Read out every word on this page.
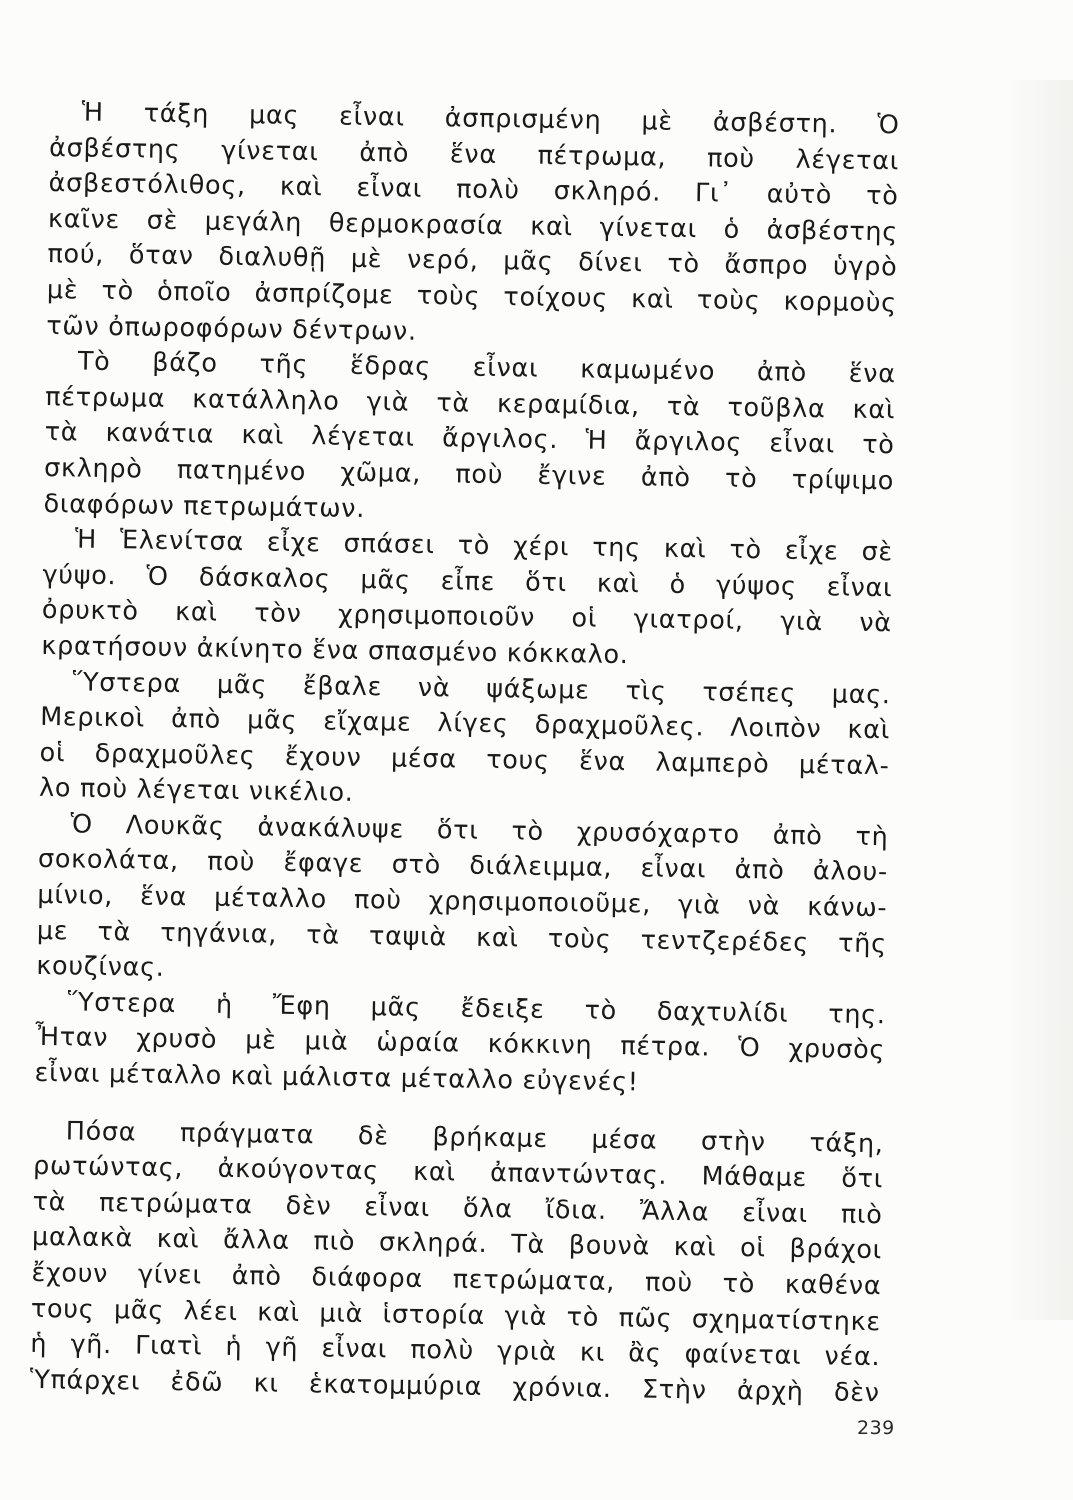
Ἡ τάξη μας εἶναι ἀσπρισμένη μὲ ἀσβέστη. Ὁ
ἀσβέστης γίνεται ἀπὸ ἕνα πέτρωμα, ποὺ λέγεται
ἀσβεστόλιθος, καὶ εἶναι πολὺ σκληρό. Γι᾽ αὐτὸ τὸ
καῖνε σὲ μεγάλη θερμοκρασία καὶ γίνεται ὁ ἀσβέστης
πού, ὅταν διαλυθῇ μὲ νερό, μᾶς δίνει τὸ ἄσπρο ὑγρὸ
μὲ τὸ ὁποῖο ἀσπρίζομε τοὺς τοίχους καὶ τοὺς κορμοὺς
τῶν ὀπωροφόρων δέντρων.
Τὸ βάζο τῆς ἕδρας εἶναι καμωμένο ἀπὸ ἕνα
πέτρωμα κατάλληλο γιὰ τὰ κεραμίδια, τὰ τοῦβλα καὶ
τὰ κανάτια καὶ λέγεται ἄργιλος. Ἡ ἄργιλος εἶναι τὸ
σκληρὸ πατημένο χῶμα, ποὺ ἔγινε ἀπὸ τὸ τρίψιμο
διαφόρων πετρωμάτων.
Ἡ Ἑλενίτσα εἶχε σπάσει τὸ χέρι της καὶ τὸ εἶχε σὲ
γύψο. Ὁ δάσκαλος μᾶς εἶπε ὅτι καὶ ὁ γύψος εἶναι
ὀρυκτὸ καὶ τὸν χρησιμοποιοῦν οἱ γιατροί, γιὰ νὰ
κρατήσουν ἀκίνητο ἕνα σπασμένο κόκκαλο.
Ὕστερα μᾶς ἔβαλε νὰ ψάξωμε τὶς τσέπες μας.
Μερικοὶ ἀπὸ μᾶς εἴχαμε λίγες δραχμοῦλες. Λοιπὸν καὶ
οἱ δραχμοῦλες ἔχουν μέσα τους ἕνα λαμπερὸ μέταλ-
λο ποὺ λέγεται νικέλιο.
Ὁ Λουκᾶς ἀνακάλυψε ὅτι τὸ χρυσόχαρτο ἀπὸ τὴ
σοκολάτα, ποὺ ἔφαγε στὸ διάλειμμα, εἶναι ἀπὸ ἀλου-
μίνιο, ἕνα μέταλλο ποὺ χρησιμοποιοῦμε, γιὰ νὰ κάνω-
με τὰ τηγάνια, τὰ ταψιὰ καὶ τοὺς τεντζερέδες τῆς
κουζίνας.
Ὕστερα ἡ Ἔφη μᾶς ἔδειξε τὸ δαχτυλίδι της.
Ἦταν χρυσὸ μὲ μιὰ ὡραία κόκκινη πέτρα. Ὁ χρυσὸς
εἶναι μέταλλο καὶ μάλιστα μέταλλο εὐγενές!
Πόσα πράγματα δὲ βρήκαμε μέσα στὴν τάξη,
ρωτώντας, ἀκούγοντας καὶ ἀπαντώντας. Μάθαμε ὅτι
τὰ πετρώματα δὲν εἶναι ὅλα ἴδια. Ἄλλα εἶναι πιὸ
μαλακὰ καὶ ἄλλα πιὸ σκληρά. Τὰ βουνὰ καὶ οἱ βράχοι
ἔχουν γίνει ἀπὸ διάφορα πετρώματα, ποὺ τὸ καθένα
τους μᾶς λέει καὶ μιὰ ἱστορία γιὰ τὸ πῶς σχηματίστηκε
ἡ γῆ. Γιατὶ ἡ γῆ εἶναι πολὺ γριὰ κι ἂς φαίνεται νέα.
Ὑπάρχει ἐδῶ κι ἑκατομμύρια χρόνια. Στὴν ἀρχὴ δὲν
239
